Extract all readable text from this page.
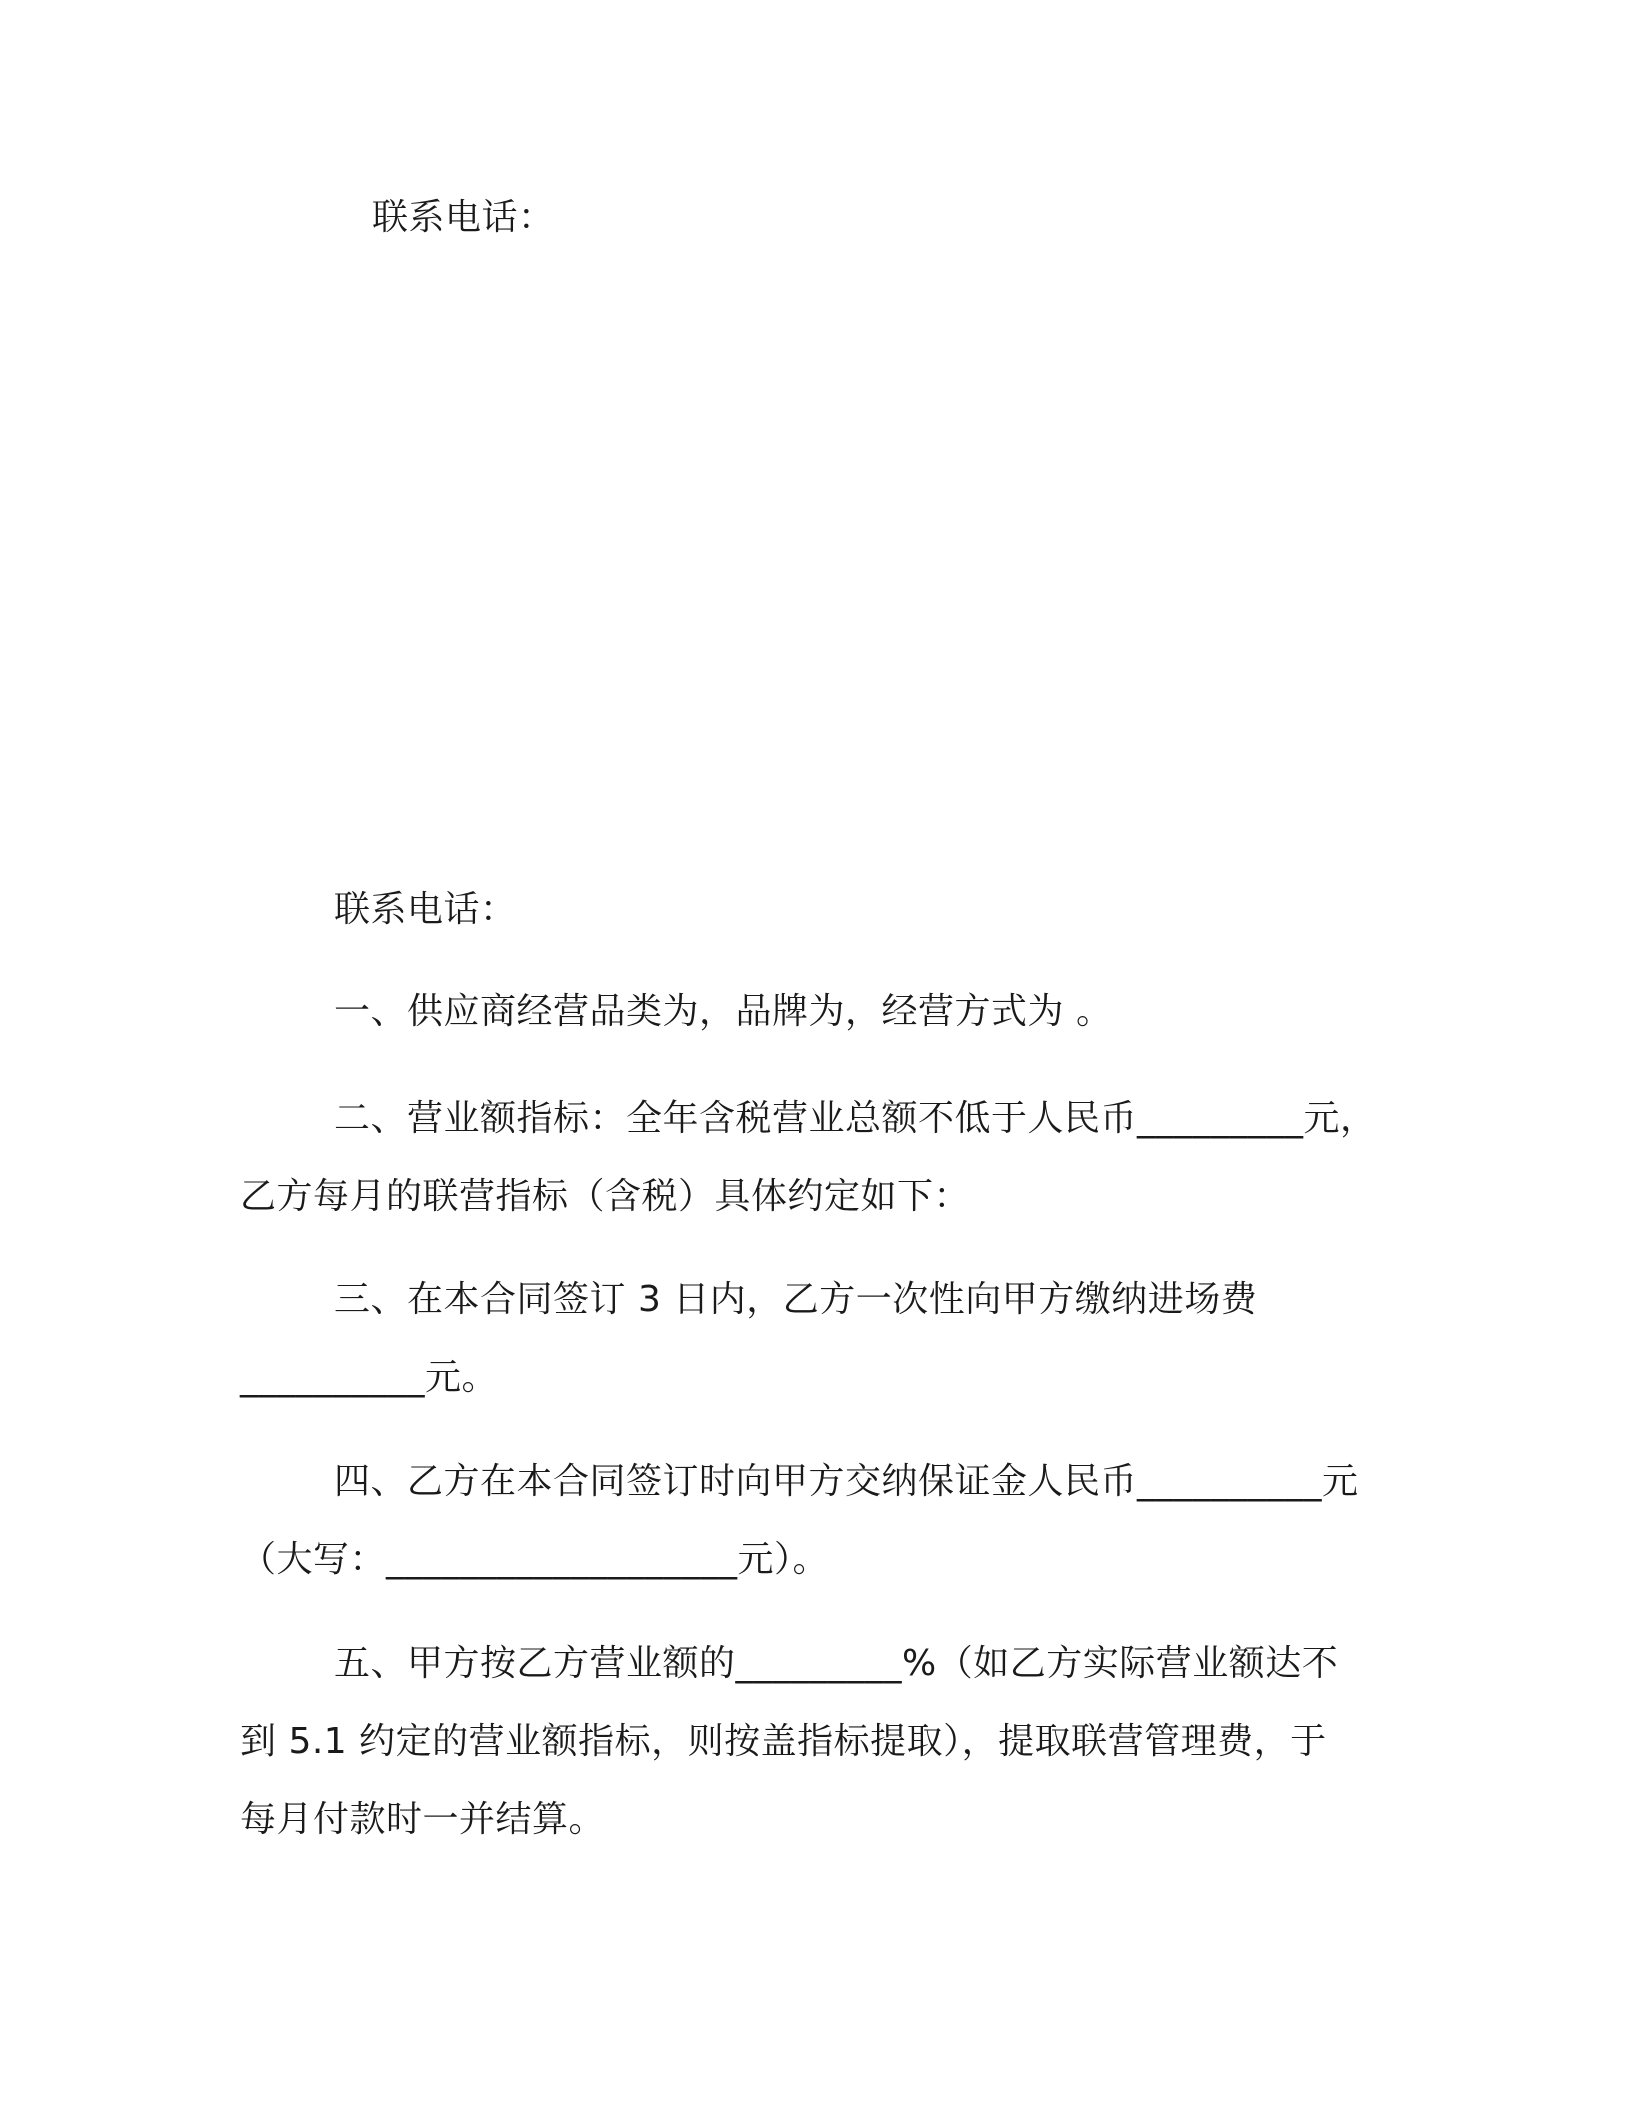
联系电话：
联系电话：
一、供应商经营品类为，品牌为，经营方式为 。
二、营业额指标：全年含税营业总额不低于人民币_________元，
乙方每月的联营指标（含税）具体约定如下：
三、在本合同签订 3 日内，乙方一次性向甲方缴纳进场费
__________元。
四、乙方在本合同签订时向甲方交纳保证金人民币__________元
（大写：___________________元）。
五、甲方按乙方营业额的_________%（如乙方实际营业额达不
到 5.1 约定的营业额指标，则按盖指标提取），提取联营管理费，于
每月付款时一并结算。
